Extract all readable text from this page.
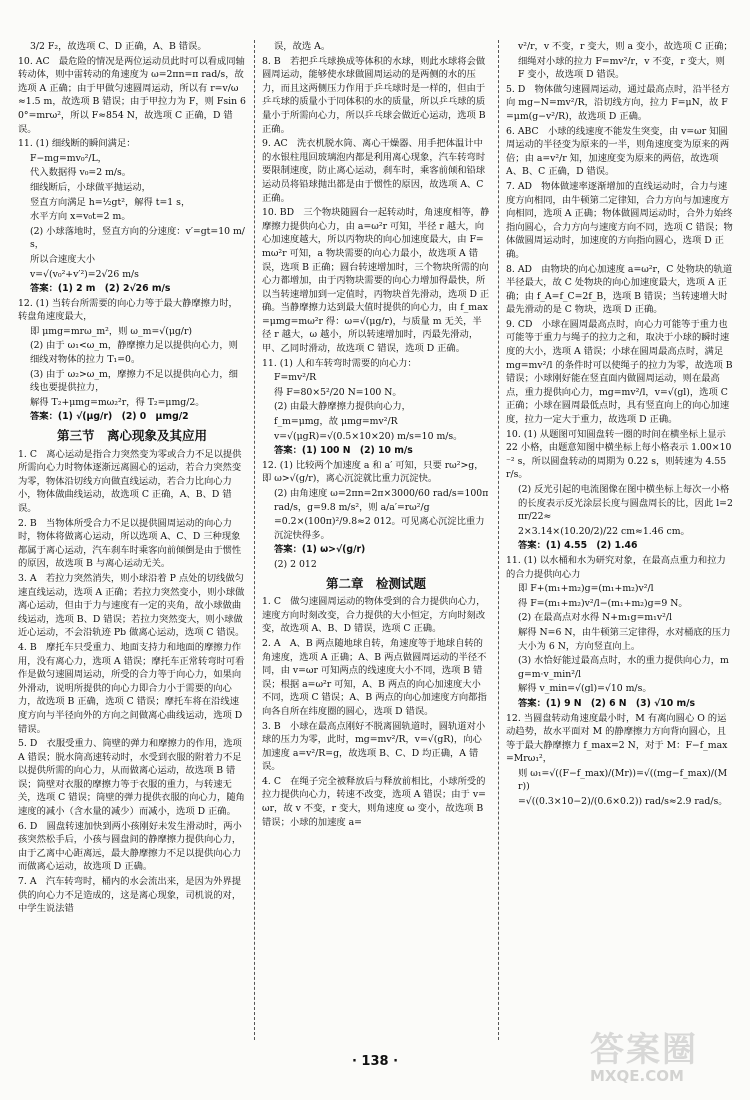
3/2 F₂，故选项 C、D 正确，A、B 错误。
10. AC　最危险的情况是两位运动员此时可以看成同轴转动体，则中雷转动的角速度为 ω=2πn=π rad/s，故选项 A 正确；由于甲做匀速圆周运动，所以有 r=v/ω≈1.5 m，故选项 B 错误；由于甲拉力为 F，则 Fsin 60°=mrω²，所以 F≈854 N，故选项 C 正确，D 错误。
11. (1) 细线断的瞬间满足：
F−mg=mv₀²/L，
代入数据得 v₀=2 m/s。
细线断后，小球做平抛运动，
竖直方向满足 h=½gt²，解得 t=1 s，
水平方向 x=v₀t=2 m。
(2) 小球落地时，竖直方向的分速度：v′=gt=10 m/s，
所以合速度大小
v=√(v₀²+v′²)=2√26 m/s
答案：(1) 2 m　(2) 2√26 m/s
12. (1) 当转台所需要的向心力等于最大静摩擦力时，转盘角速度最大，
即 μmg=mrω_m²，则 ω_m=√(μg/r)
(2) 由于 ω₁<ω_m，静摩擦力足以提供向心力，则细线对物体的拉力 T₁=0。
(3) 由于 ω₂>ω_m，摩擦力不足以提供向心力，细线也要提供拉力，
解得 T₂+μmg=mω₂²r，得 T₂=μmg/2。
答案：(1) √(μg/r)　(2) 0　μmg/2
第三节　离心现象及其应用
1. C　离心运动是指合力突然变为零或合力不足以提供所需向心力时物体逐渐远离圆心的运动，若合力突然变为零，物体沿切线方向做直线运动，若合力比向心力小，物体做曲线运动，故选项 C 正确，A、B、D 错误。
2. B　当物体所受合力不足以提供圆周运动的向心力时，物体将做离心运动，所以选项 A、C、D 三种现象都属于离心运动，汽车刹车时乘客向前倾倒是由于惯性的原因，故选项 B 与离心运动无关。
3. A　若拉力突然消失，则小球沿着 P 点处的切线做匀速直线运动，选项 A 正确；若拉力突然变小，则小球做离心运动，但由于力与速度有一定的夹角，故小球做曲线运动，选项 B、D 错误；若拉力突然变大，则小球做近心运动，不会沿轨迹 Pb 做离心运动，选项 C 错误。
4. B　摩托车只受重力、地面支持力和地面的摩擦力作用，没有离心力，选项 A 错误；摩托车正常转弯时可看作是做匀速圆周运动，所受的合力等于向心力，如果向外滑动，说明所提供的向心力即合力小于需要的向心力，故选项 B 正确，选项 C 错误；摩托车将在沿线速度方向与半径向外的方向之间做离心曲线运动，选项 D 错误。
5. D　衣服受重力、筒壁的弹力和摩擦力的作用，选项 A 错误；脱水筒高速转动时，水受到衣服的附着力不足以提供所需的向心力，从而做离心运动，故选项 B 错误；筒壁对衣服的摩擦力等于衣服的重力，与转速无关，选项 C 错误；筒壁的弹力提供衣服的向心力，随角速度的减小（含水量的减少）而减小，选项 D 正确。
6. D　圆盘转速加快到两小孩刚好未发生滑动时，两小孩突然松手后，小孩与圆盘间的静摩擦力提供向心力，由于乙离中心距离远，最大静摩擦力不足以提供向心力而做离心运动，故选项 D 正确。
7. A　汽车转弯时，桶内的水会流出来，是因为外界提供的向心力不足造成的，这是离心现象，司机说的对，中学生说法错
误，故选 A。
8. B　若把乒乓球换成等体积的水球，则此水球将会做圆周运动，能够使水球做圆周运动的是两侧的水的压力，而且这两侧压力作用于乒乓球时是一样的，但由于乒乓球的质量小于同体积的水的质量，所以乒乓球的质量小于所需向心力，所以乒乓球会做近心运动，选项 B 正确。
9. AC　洗衣机脱水筒、离心干燥器、用手把体温计中的水银柱甩回玻璃泡内都是利用离心现象，汽车转弯时要限制速度，防止离心运动，刹车时，乘客前倾和铅球运动员将铅球抛出都是由于惯性的原因，故选项 A、C 正确。
10. BD　三个物块随圆台一起转动时，角速度相等，静摩擦力提供向心力，由 a=ω²r 可知，半径 r 越大，向心加速度越大，所以丙物块的向心加速度最大，由 F=mω²r 可知，a 物块需要的向心力最小，故选项 A 错误，选项 B 正确；圆台转速增加时，三个物块所需的向心力都增加，由于丙物块需要的向心力增加得最快，所以当转速增加到一定值时，丙物块首先滑动，选项 D 正确。当静摩擦力达到最大值时提供的向心力，由 f_max=μmg=mω²r 得：ω=√(μg/r)，与质量 m 无关，半径 r 越大，ω 越小，所以转速增加时，丙最先滑动，甲、乙同时滑动，故选项 C 错误，选项 D 正确。
11. (1) 人和车转弯时需要的向心力：
F=mv²/R
得 F=80×5²/20 N=100 N。
(2) 由最大静摩擦力提供向心力，
f_m=μmg，故 μmg=mv²/R
v=√(μgR)=√(0.5×10×20) m/s=10 m/s。
答案：(1) 100 N　(2) 10 m/s
12. (1) 比较两个加速度 a 和 a′ 可知，只要 rω²>g，即 ω>√(g/r)，离心沉淀就比重力沉淀快。
(2) 由角速度 ω=2πn=2π×3000/60 rad/s=100π rad/s，g=9.8 m/s²，则 a/a′=rω²/g
=0.2×(100π)²/9.8≈2 012。可见离心沉淀比重力沉淀快得多。
答案：(1) ω>√(g/r)
(2) 2 012
第二章　检测试题
1. C　做匀速圆周运动的物体受到的合力提供向心力，速度方向时刻改变，合力提供的大小恒定，方向时刻改变，故选项 A、B、D 错误，选项 C 正确。
2. A　A、B 两点随地球自转，角速度等于地球自转的角速度，选项 A 正确；A、B 两点做圆周运动的半径不同，由 v=ωr 可知两点的线速度大小不同，选项 B 错误；根据 a=ω²r 可知，A、B 两点的向心加速度大小不同，选项 C 错误；A、B 两点的向心加速度方向都指向各自所在纬度圈的圆心，选项 D 错误。
3. B　小球在最高点刚好不脱离圆轨道时，圆轨道对小球的压力为零，此时，mg=mv²/R，v=√(gR)，向心加速度 a=v²/R=g，故选项 B、C、D 均正确，A 错误。
4. C　在绳子完全被释放后与释放前相比，小球所受的拉力提供向心力，转速不改变，选项 A 错误；由于 v=ωr，故 v 不变，r 变大，则角速度 ω 变小，故选项 B 错误；小球的加速度 a=
v²/r，v 不变，r 变大，则 a 变小，故选项 C 正确；
细绳对小球的拉力 F=mv²/r，v 不变，r 变大，则 F 变小，故选项 D 错误。
5. D　物体做匀速圆周运动，通过最高点时，沿半径方向 mg−N=mv²/R，沿切线方向，拉力 F=μN，故 F=μm(g−v²/R)，故选项 D 正确。
6. ABC　小球的线速度不能发生突变，由 v=ωr 知圆周运动的半径变为原来的一半，则角速度变为原来的两倍；由 a=v²/r 知，加速度变为原来的两倍，故选项 A、B、C 正确，D 错误。
7. AD　物体做速率逐渐增加的直线运动时，合力与速度方向相同，由牛顿第二定律知，合力方向与加速度方向相同，选项 A 正确；物体做圆周运动时，合外力始终指向圆心，合力方向与速度方向不同，选项 C 错误；物体做圆周运动时，加速度的方向指向圆心，选项 D 正确。
8. AD　由物块的向心加速度 a=ω²r，C 处物块的轨道半径最大，故 C 处物块的向心加速度最大，选项 A 正确；由 f_A=f_C=2f_B，选项 B 错误；当转速增大时最先滑动的是 C 物块，选项 D 正确。
9. CD　小球在圆周最高点时，向心力可能等于重力也可能等于重力与绳子的拉力之和，取决于小球的瞬时速度的大小，选项 A 错误；小球在圆周最高点时，满足 mg=mv²/l 的条件时可以使绳子的拉力为零，故选项 B 错误；小球刚好能在竖直面内做圆周运动，则在最高点，重力提供向心力，mg=mv²/l，v=√(gl)，选项 C 正确；小球在圆周最低点时，具有竖直向上的向心加速度，拉力一定大于重力，故选项 D 正确。
10. (1) 从题图可知圆盘转一圈的时间在横坐标上显示 22 小格，由题意知图中横坐标上每小格表示 1.00×10⁻² s，所以圆盘转动的周期为 0.22 s，则转速为 4.55 r/s。
(2) 反光引起的电流图像在图中横坐标上每次一小格的长度表示反光涂层长度与圆盘周长的比，因此 l=2πr/22≈
2×3.14×(10.20/2)/22 cm≈1.46 cm。
答案：(1) 4.55　(2) 1.46
11. (1) 以水桶和水为研究对象，在最高点重力和拉力的合力提供向心力
即 F+(m₁+m₂)g=(m₁+m₂)v²/l
得 F=(m₁+m₂)v²/l−(m₁+m₂)g=9 N。
(2) 在最高点对水得 N+m₁g=m₁v²/l
解得 N=6 N，由牛顿第三定律得，水对桶底的压力大小为 6 N，方向竖直向上。
(3) 水恰好能过最高点时，水的重力提供向心力，mg=m·v_min²/l
解得 v_min=√(gl)=√10 m/s。
答案：(1) 9 N　(2) 6 N　(3) √10 m/s
12. 当圆盘转动角速度最小时，M 有离向圆心 O 的运动趋势，故水平面对 M 的静摩擦力方向背向圆心，且等于最大静摩擦力 f_max=2 N，对于 M：F−f_max=Mrω₁²，
则 ω₁=√((F−f_max)/(Mr))=√((mg−f_max)/(Mr))
=√((0.3×10−2)/(0.6×0.2)) rad/s≈2.9 rad/s。
· 138 ·	答案圈
MXQE.COM
